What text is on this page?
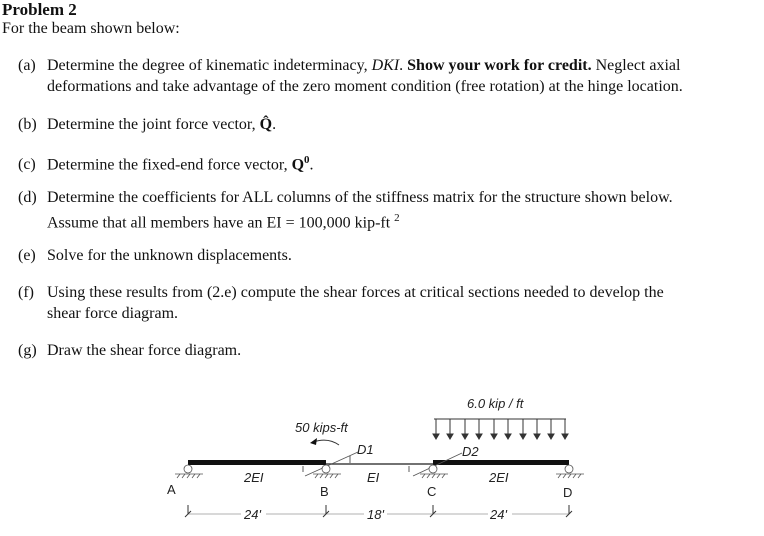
Problem 2
For the beam shown below:
(a) Determine the degree of kinematic indeterminacy, DKI. Show your work for credit. Neglect axial
deformations and take advantage of the zero moment condition (free rotation) at the hinge location.
(b) Determine the joint force vector, Q̂.
(c) Determine the fixed-end force vector, $Q^0$.
(d) Determine the coefficients for ALL columns of the stiffness matrix for the structure shown below.
Assume that all members have an EI = 100,000 kip-ft $^2$
(e) Solve for the unknown displacements.
(f) Using these results from (2.e) compute the shear forces at critical sections needed to develop the
shear force diagram.
(g) Draw the shear force diagram.
6.0 kip / ft
50 kips-ft
D1	D2
2EI	EI	2EI
A	B	C	D
24'	18'	24'
